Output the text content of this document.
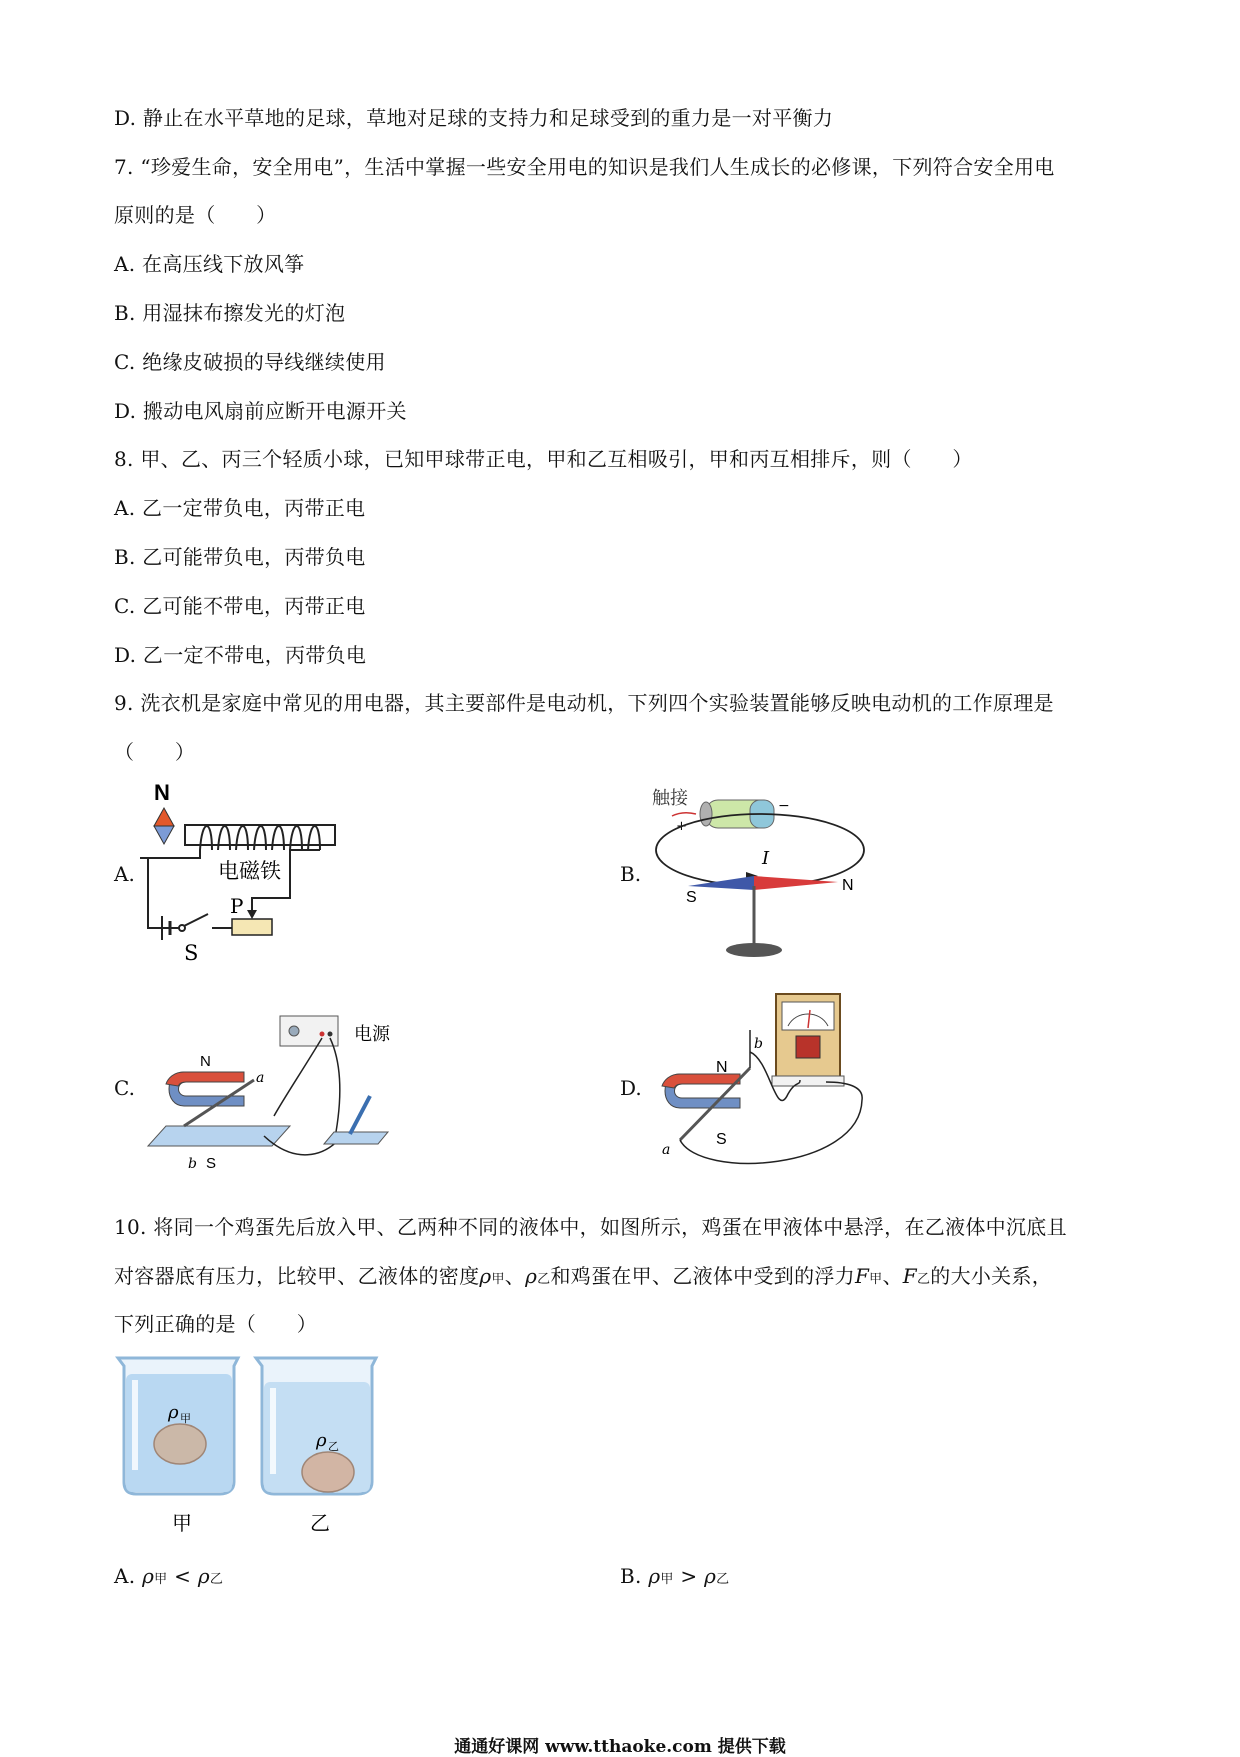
D. 静止在水平草地的足球，草地对足球的支持力和足球受到的重力是一对平衡力
7. “珍爱生命，安全用电”，生活中掌握一些安全用电的知识是我们人生成长的必修课，下列符合安全用电
原则的是（　　）
A. 在高压线下放风筝
B. 用湿抹布擦发光的灯泡
C. 绝缘皮破损的导线继续使用
D. 搬动电风扇前应断开电源开关
8. 甲、乙、丙三个轻质小球，已知甲球带正电，甲和乙互相吸引，甲和丙互相排斥，则（　　）
A. 乙一定带负电，丙带正电
B. 乙可能带负电，丙带负电
C. 乙可能不带电，丙带正电
D. 乙一定不带电，丙带负电
9. 洗衣机是家庭中常见的用电器，其主要部件是电动机，下列四个实验装置能够反映电动机的工作原理是
（　　）
A.
N
电磁铁
S
P
B.
触接
+
−
I
S
N
C.
电源
N
a
b S
D.
N
S
b
a
10. 将同一个鸡蛋先后放入甲、乙两种不同的液体中，如图所示，鸡蛋在甲液体中悬浮，在乙液体中沉底且
对容器底有压力，比较甲、乙液体的密度ρ甲、ρ乙和鸡蛋在甲、乙液体中受到的浮力F甲、F乙的大小关系，
下列正确的是（　　）
ρ 甲
甲
ρ 乙
乙
A. ρ甲 < ρ乙	B. ρ甲 > ρ乙
通通好课网 www.tthaoke.com 提供下载
